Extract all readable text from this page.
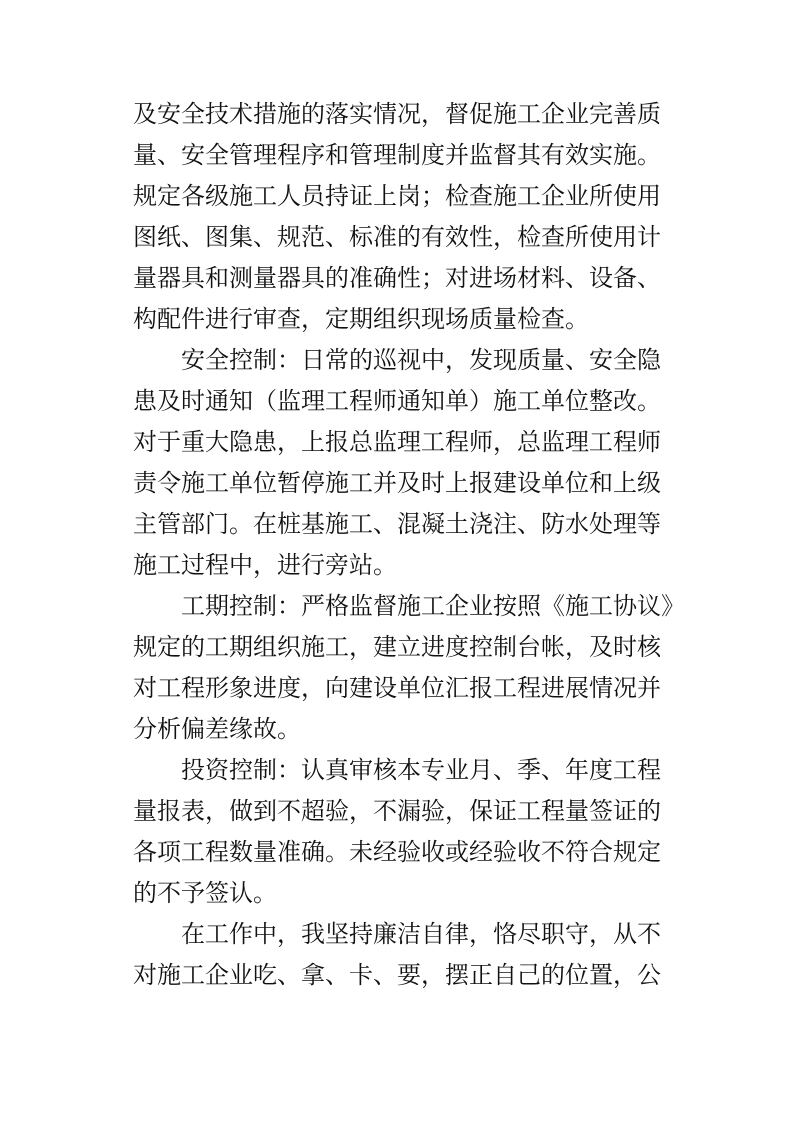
及安全技术措施的落实情况，督促施工企业完善质
量、安全管理程序和管理制度并监督其有效实施。
规定各级施工人员持证上岗；检查施工企业所使用
图纸、图集、规范、标准的有效性，检查所使用计
量器具和测量器具的准确性；对进场材料、设备、
构配件进行审查，定期组织现场质量检查。
安全控制：日常的巡视中，发现质量、安全隐
患及时通知（监理工程师通知单）施工单位整改。
对于重大隐患，上报总监理工程师，总监理工程师
责令施工单位暂停施工并及时上报建设单位和上级
主管部门。在桩基施工、混凝土浇注、防水处理等
施工过程中，进行旁站。
工期控制：严格监督施工企业按照《施工协议》
规定的工期组织施工，建立进度控制台帐，及时核
对工程形象进度，向建设单位汇报工程进展情况并
分析偏差缘故。
投资控制：认真审核本专业月、季、年度工程
量报表，做到不超验，不漏验，保证工程量签证的
各项工程数量准确。未经验收或经验收不符合规定
的不予签认。
在工作中，我坚持廉洁自律，恪尽职守，从不
对施工企业吃、拿、卡、要，摆正自己的位置，公
